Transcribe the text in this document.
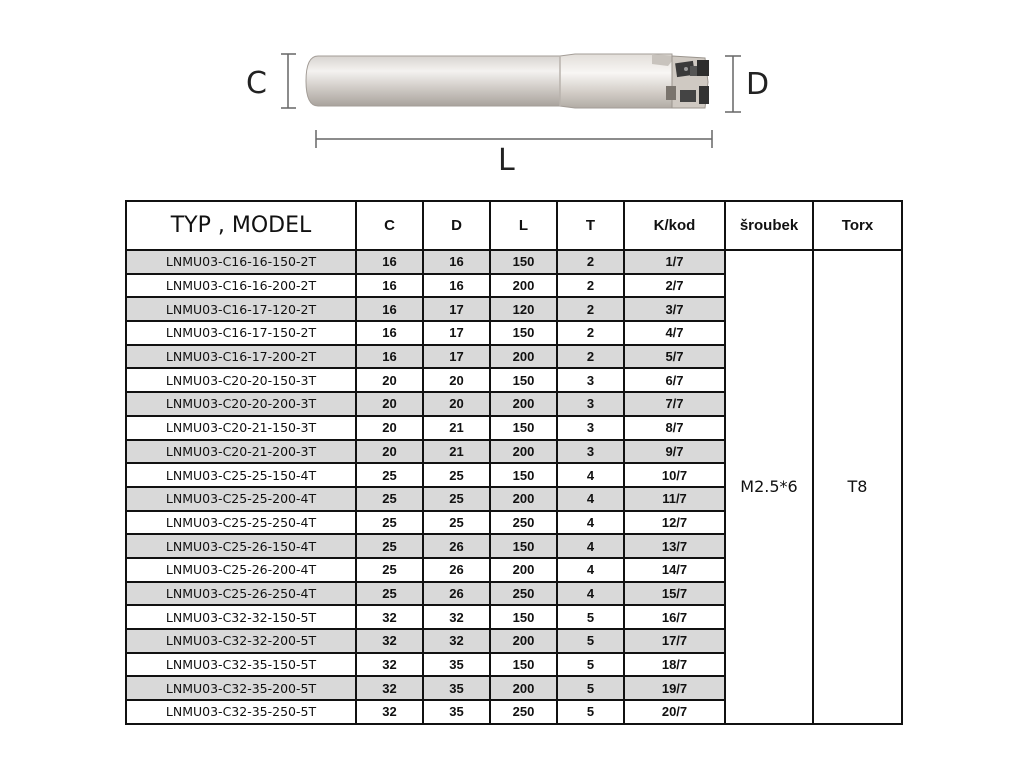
C	D
L
TYP , MODEL	C	D	L	T	K/kod	šroubek	Torx
LNMU03-C16-16-150-2T	16	16	150	2	1/7	M2.5*6	T8
LNMU03-C16-16-200-2T	16	16	200	2	2/7		
LNMU03-C16-17-120-2T	16	17	120	2	3/7		
LNMU03-C16-17-150-2T	16	17	150	2	4/7		
LNMU03-C16-17-200-2T	16	17	200	2	5/7		
LNMU03-C20-20-150-3T	20	20	150	3	6/7		
LNMU03-C20-20-200-3T	20	20	200	3	7/7		
LNMU03-C20-21-150-3T	20	21	150	3	8/7		
LNMU03-C20-21-200-3T	20	21	200	3	9/7		
LNMU03-C25-25-150-4T	25	25	150	4	10/7		
LNMU03-C25-25-200-4T	25	25	200	4	11/7		
LNMU03-C25-25-250-4T	25	25	250	4	12/7		
LNMU03-C25-26-150-4T	25	26	150	4	13/7		
LNMU03-C25-26-200-4T	25	26	200	4	14/7		
LNMU03-C25-26-250-4T	25	26	250	4	15/7		
LNMU03-C32-32-150-5T	32	32	150	5	16/7		
LNMU03-C32-32-200-5T	32	32	200	5	17/7		
LNMU03-C32-35-150-5T	32	35	150	5	18/7		
LNMU03-C32-35-200-5T	32	35	200	5	19/7		
LNMU03-C32-35-250-5T	32	35	250	5	20/7		
